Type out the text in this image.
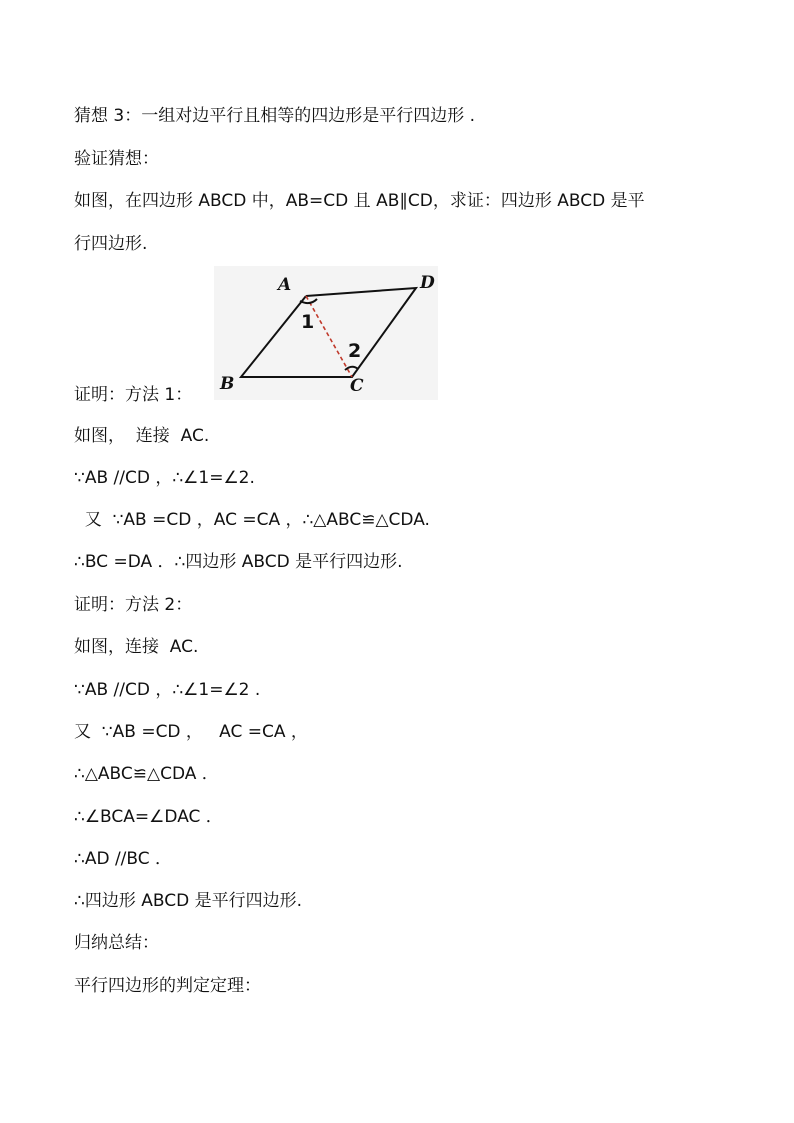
猜想 3：一组对边平行且相等的四边形是平行四边形 .
验证猜想：
如图，在四边形 ABCD 中，AB=CD 且 AB∥CD，求证：四边形 ABCD 是平
行四边形.
A	D
B	C
1
2
证明：方法 1：
如图，  连接  AC.
∵AB //CD ，∴∠1=∠2.
又  ∵AB =CD ，AC =CA ，∴△ABC≌△CDA.
∴BC =DA ．∴四边形 ABCD 是平行四边形.
证明：方法 2：
如图，连接  AC.
∵AB //CD ，∴∠1=∠2 .
又  ∵AB =CD ，   AC =CA ，
∴△ABC≌△CDA ．
∴∠BCA=∠DAC ．
∴AD //BC ．
∴四边形 ABCD 是平行四边形.
归纳总结：
平行四边形的判定定理：
